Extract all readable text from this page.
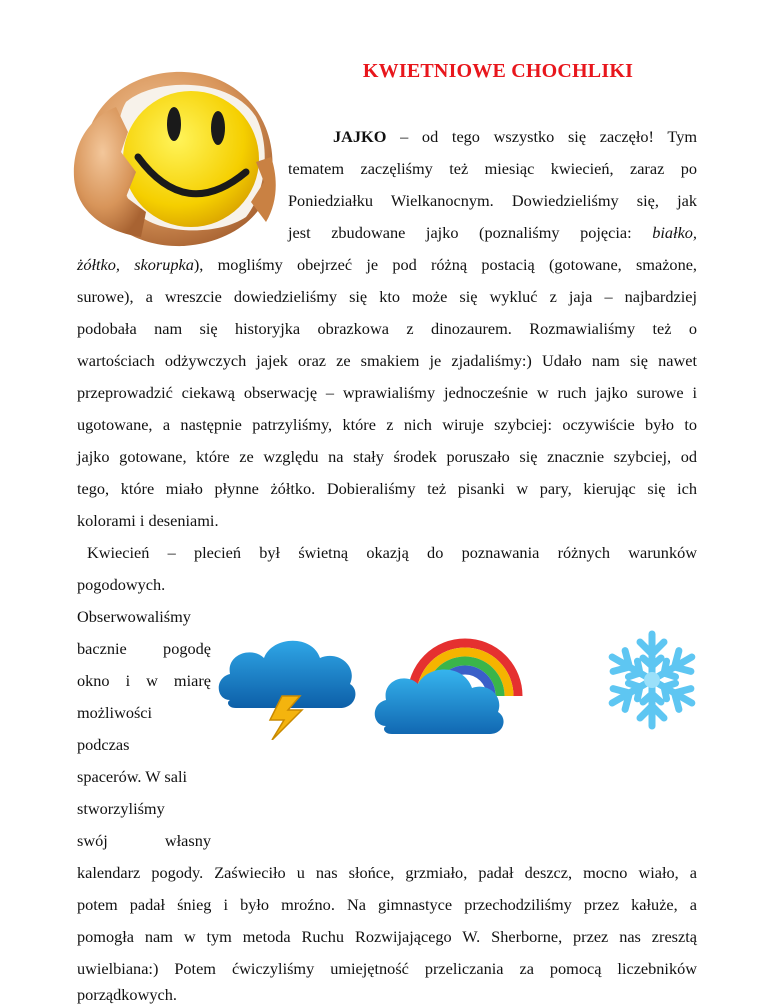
KWIETNIOWE CHOCHLIKI
JAJKO – od tego wszystko się zaczęło! Tym
tematem zaczęliśmy też miesiąc kwiecień, zaraz po
Poniedziałku Wielkanocnym. Dowiedzieliśmy się, jak
jest zbudowane jajko (poznaliśmy pojęcia: białko,
żółtko, skorupka), mogliśmy obejrzeć je pod różną postacią (gotowane, smażone,
surowe), a wreszcie dowiedzieliśmy się kto może się wykluć z jaja – najbardziej
podobała nam się historyjka obrazkowa z dinozaurem. Rozmawialiśmy też o
wartościach odżywczych jajek oraz ze smakiem je zjadaliśmy:) Udało nam się nawet
przeprowadzić ciekawą obserwację – wprawialiśmy jednocześnie w ruch jajko surowe i
ugotowane, a następnie patrzyliśmy, które z nich wiruje szybciej: oczywiście było to
jajko gotowane, które ze względu na stały środek poruszało się znacznie szybciej, od
tego, które miało płynne żółtko. Dobieraliśmy też pisanki w pary, kierując się ich
kolorami i deseniami.
Kwiecień – plecień był świetną okazją do poznawania różnych warunków
pogodowych.
Obserwowaliśmy
bacznie pogodę
okno i w miarę
możliwości
podczas
spacerów. W sali
stworzyliśmy
swój własny
kalendarz pogody. Zaświeciło u nas słońce, grzmiało, padał deszcz, mocno wiało, a
potem padał śnieg i było mroźno. Na gimnastyce przechodziliśmy przez kałuże, a
pomogła nam w tym metoda Ruchu Rozwijającego W. Sherborne, przez nas zresztą
uwielbiana:) Potem ćwiczyliśmy umiejętność przeliczania za pomocą liczebników
porządkowych.
